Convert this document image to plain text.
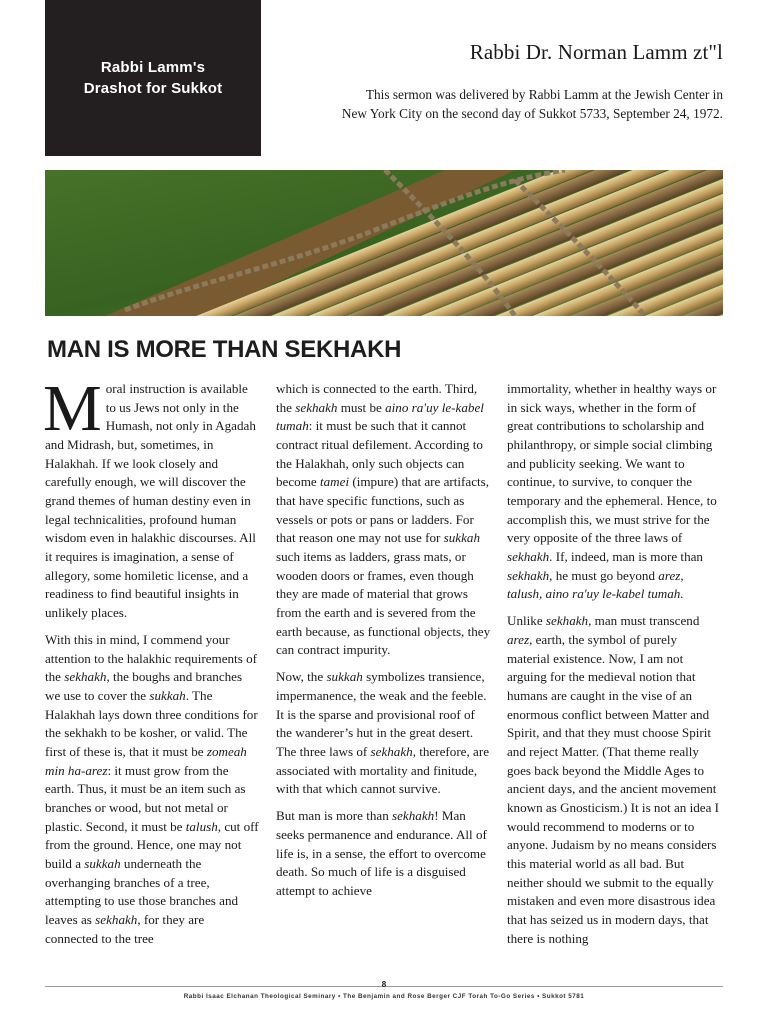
Rabbi Lamm's
Drashot for Sukkot
Rabbi Dr. Norman Lamm zt"l
This sermon was delivered by Rabbi Lamm at the Jewish Center in
New York City on the second day of Sukkot 5733, September 24, 1972.
MAN IS MORE THAN SEKHAKH

Moral instruction is available to us Jews not only in the Humash, not only in Agadah and Midrash, but, sometimes, in Halakhah. If we look closely and carefully enough, we will discover the grand themes of human destiny even in legal technicalities, profound human wisdom even in halakhic discourses. All it requires is imagination, a sense of allegory, some homiletic license, and a readiness to find beautiful insights in unlikely places.

With this in mind, I commend your attention to the halakhic requirements of the sekhakh, the boughs and branches we use to cover the sukkah. The Halakhah lays down three conditions for the sekhakh to be kosher, or valid. The first of these is, that it must be zomeah min ha-arez: it must grow from the earth. Thus, it must be an item such as branches or wood, but not metal or plastic. Second, it must be talush, cut off from the ground. Hence, one may not build a sukkah underneath the overhanging branches of a tree, attempting to use those branches and leaves as sekhakh, for they are connected to the tree

which is connected to the earth. Third, the sekhakh must be aino ra'uy le-kabel tumah: it must be such that it cannot contract ritual defilement. According to the Halakhah, only such objects can become tamei (impure) that are artifacts, that have specific functions, such as vessels or pots or pans or ladders. For that reason one may not use for sukkah such items as ladders, grass mats, or wooden doors or frames, even though they are made of material that grows from the earth and is severed from the earth because, as functional objects, they can contract impurity.

Now, the sukkah symbolizes transience, impermanence, the weak and the feeble. It is the sparse and provisional roof of the wanderer’s hut in the great desert. The three laws of sekhakh, therefore, are associated with mortality and finitude, with that which cannot survive.

But man is more than sekhakh! Man seeks permanence and endurance. All of life is, in a sense, the effort to overcome death. So much of life is a disguised attempt to achieve

immortality, whether in healthy ways or in sick ways, whether in the form of great contributions to scholarship and philanthropy, or simple social climbing and publicity seeking. We want to continue, to survive, to conquer the temporary and the ephemeral. Hence, to accomplish this, we must strive for the very opposite of the three laws of sekhakh. If, indeed, man is more than sekhakh, he must go beyond arez, talush, aino ra'uy le-kabel tumah.

Unlike sekhakh, man must transcend arez, earth, the symbol of purely material existence. Now, I am not arguing for the medieval notion that humans are caught in the vise of an enormous conflict between Matter and Spirit, and that they must choose Spirit and reject Matter. (That theme really goes back beyond the Middle Ages to ancient days, and the ancient movement known as Gnosticism.) It is not an idea I would recommend to moderns or to anyone. Judaism by no means considers this material world as all bad. But neither should we submit to the equally mistaken and even more disastrous idea that has seized us in modern days, that there is nothing

8
Rabbi Isaac Elchanan Theological Seminary • The Benjamin and Rose Berger CJF Torah To-Go Series • Sukkot 5781
